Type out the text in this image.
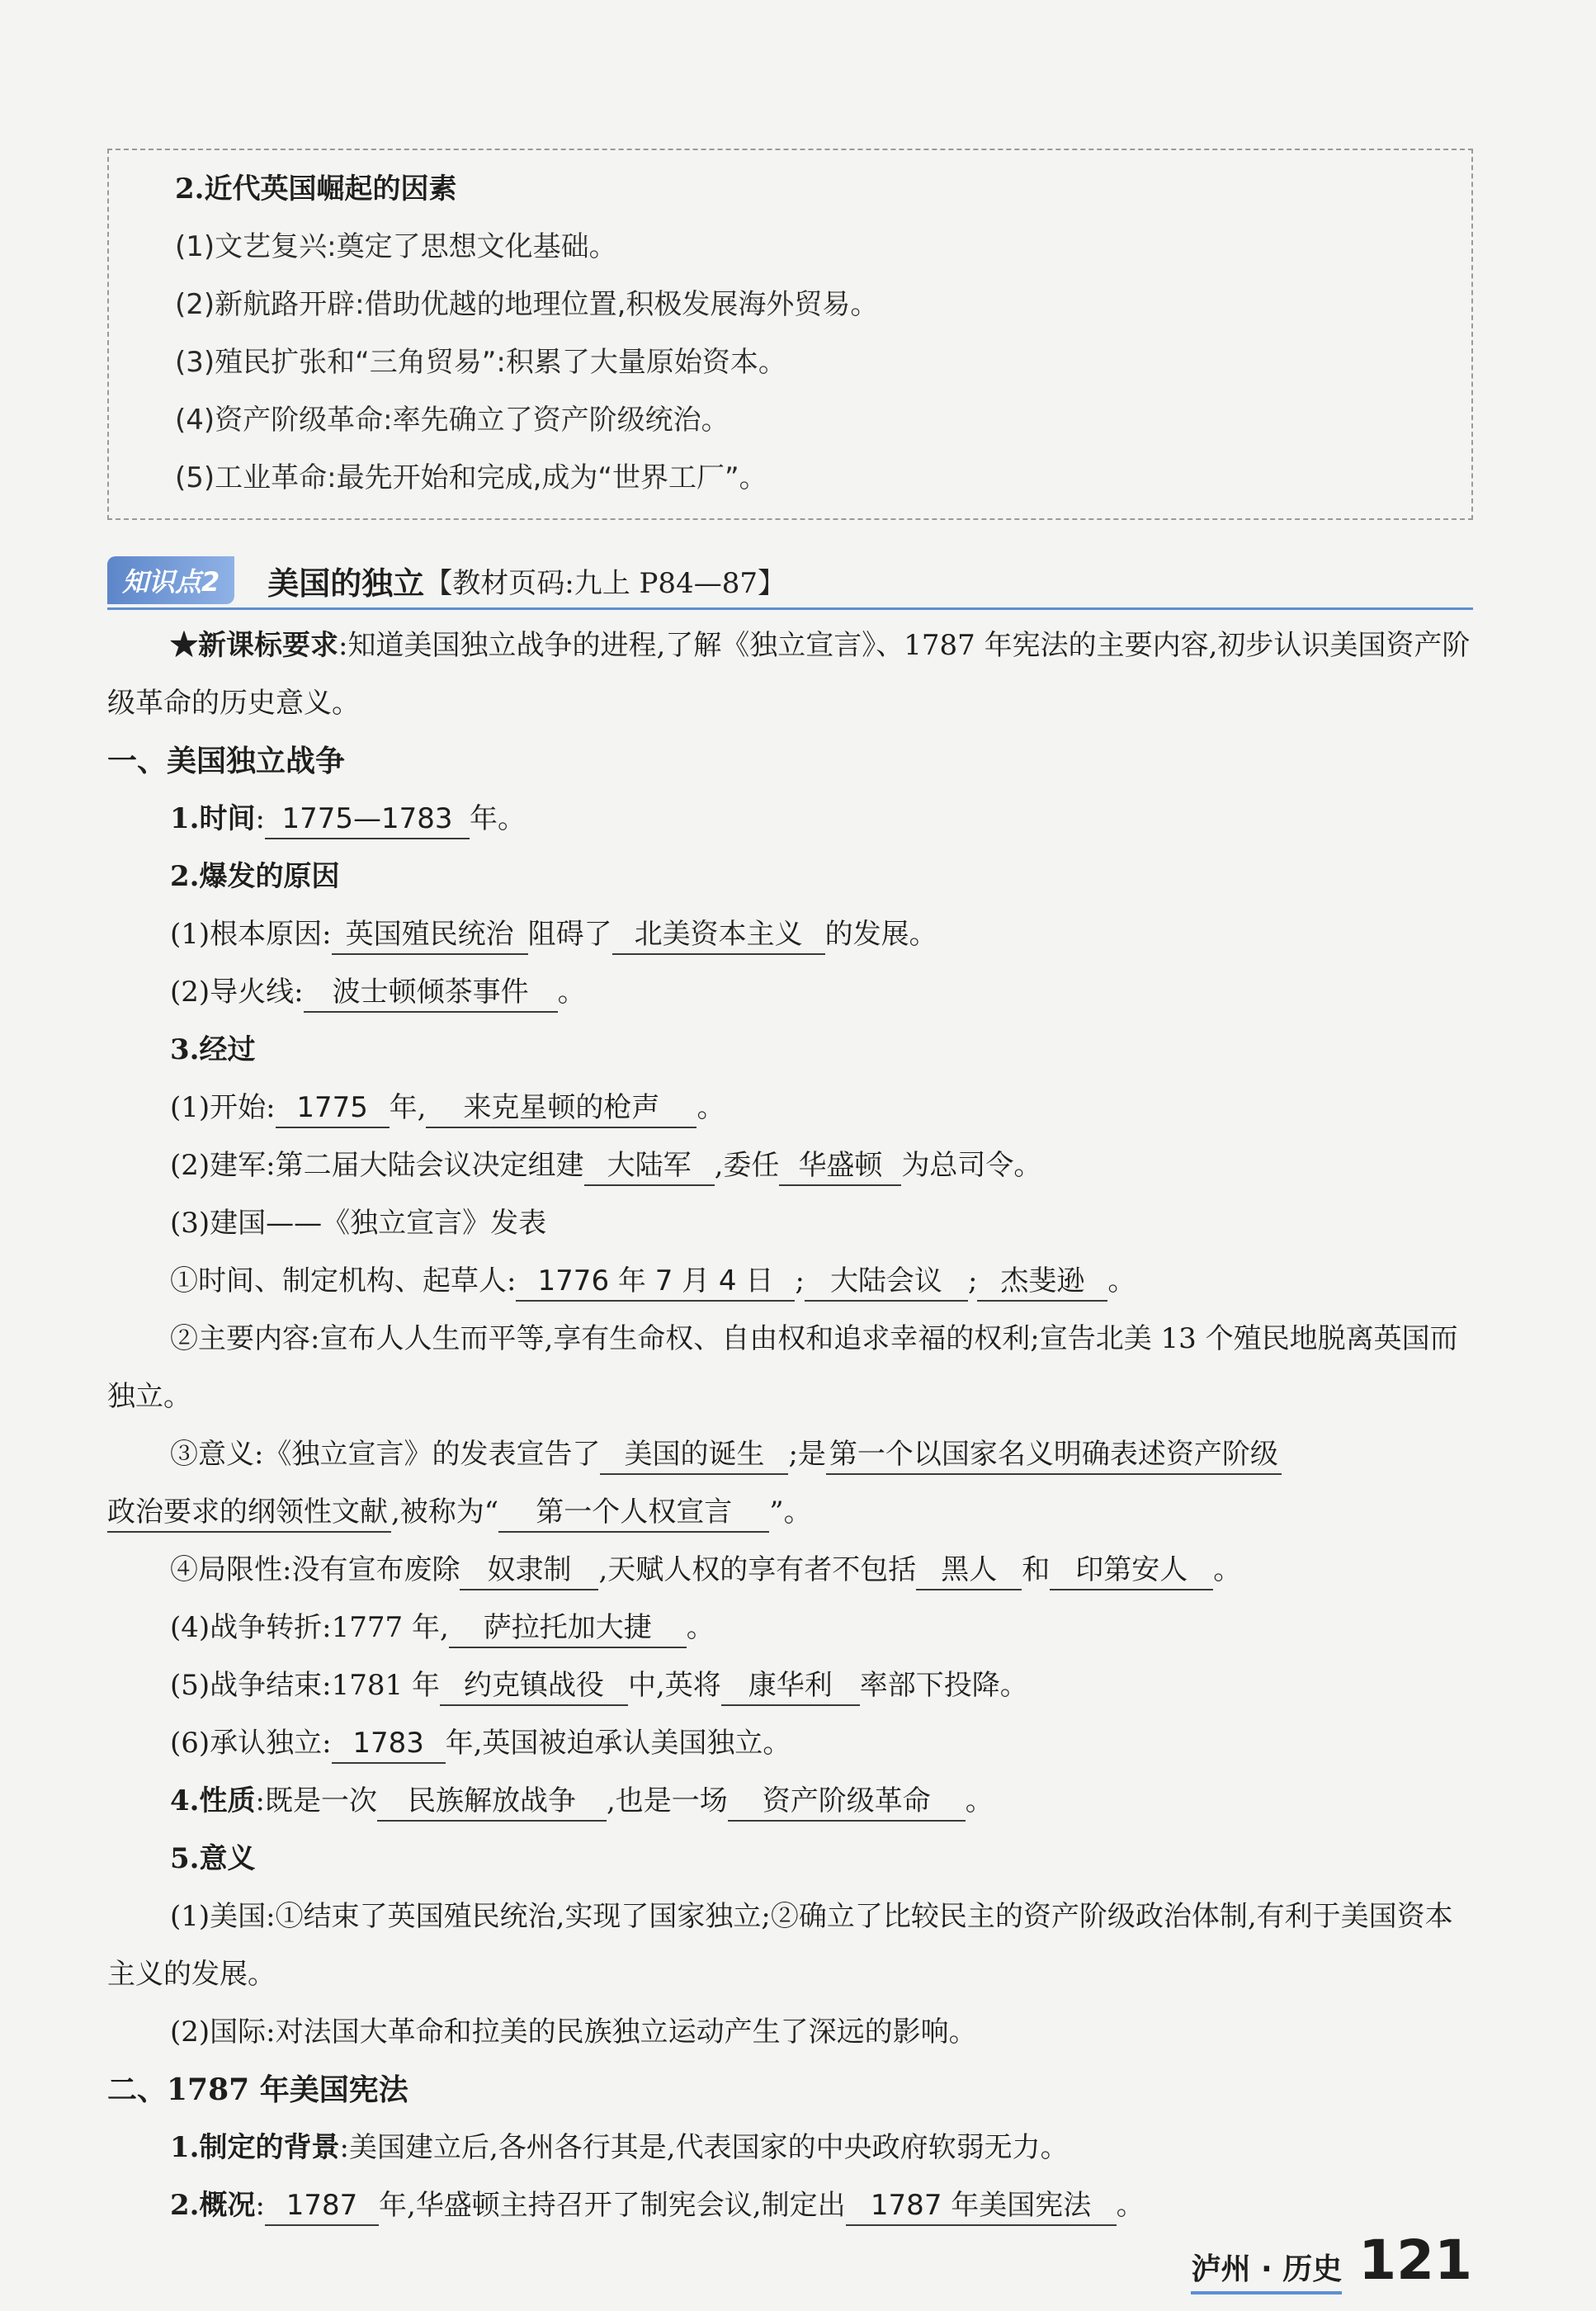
2.近代英国崛起的因素
(1)文艺复兴:奠定了思想文化基础。
(2)新航路开辟:借助优越的地理位置,积极发展海外贸易。
(3)殖民扩张和“三角贸易”:积累了大量原始资本。
(4)资产阶级革命:率先确立了资产阶级统治。
(5)工业革命:最先开始和完成,成为“世界工厂”。
知识点2	美国的独立 【教材页码:九上 P84—87】
★新课标要求:知道美国独立战争的进程,了解《独立宣言》、1787 年宪法的主要内容,初步认识美国资产阶级革命的历史意义。
一、美国独立战争
1.时间: 1775—1783 年。
2.爆发的原因
(1)根本原因: 英国殖民统治 阻碍了 北美资本主义 的发展。
(2)导火线: 波士顿倾茶事件 。
3.经过
(1)开始: 1775 年, 来克星顿的枪声 。
(2)建军:第二届大陆会议决定组建 大陆军 ,委任 华盛顿 为总司令。
(3)建国——《独立宣言》发表
①时间、制定机构、起草人: 1776 年 7 月 4 日 ; 大陆会议 ; 杰斐逊 。
②主要内容:宣布人人生而平等,享有生命权、自由权和追求幸福的权利;宣告北美 13 个殖民地脱离英国而独立。
③意义:《独立宣言》的发表宣告了 美国的诞生 ;是 第一个以国家名义明确表述资产阶级
政治要求的纲领性文献 ,被称为“ 第一个人权宣言 ”。
④局限性:没有宣布废除 奴隶制 ,天赋人权的享有者不包括 黑人 和 印第安人 。
(4)战争转折:1777 年, 萨拉托加大捷 。
(5)战争结束:1781 年 约克镇战役 中,英将 康华利 率部下投降。
(6)承认独立: 1783 年,英国被迫承认美国独立。
4.性质:既是一次 民族解放战争 ,也是一场 资产阶级革命 。
5.意义
(1)美国:①结束了英国殖民统治,实现了国家独立;②确立了比较民主的资产阶级政治体制,有利于美国资本主义的发展。
(2)国际:对法国大革命和拉美的民族独立运动产生了深远的影响。
二、1787 年美国宪法
1.制定的背景:美国建立后,各州各行其是,代表国家的中央政府软弱无力。
2.概况: 1787 年,华盛顿主持召开了制宪会议,制定出 1787 年美国宪法 。
泸州 · 历史 121
